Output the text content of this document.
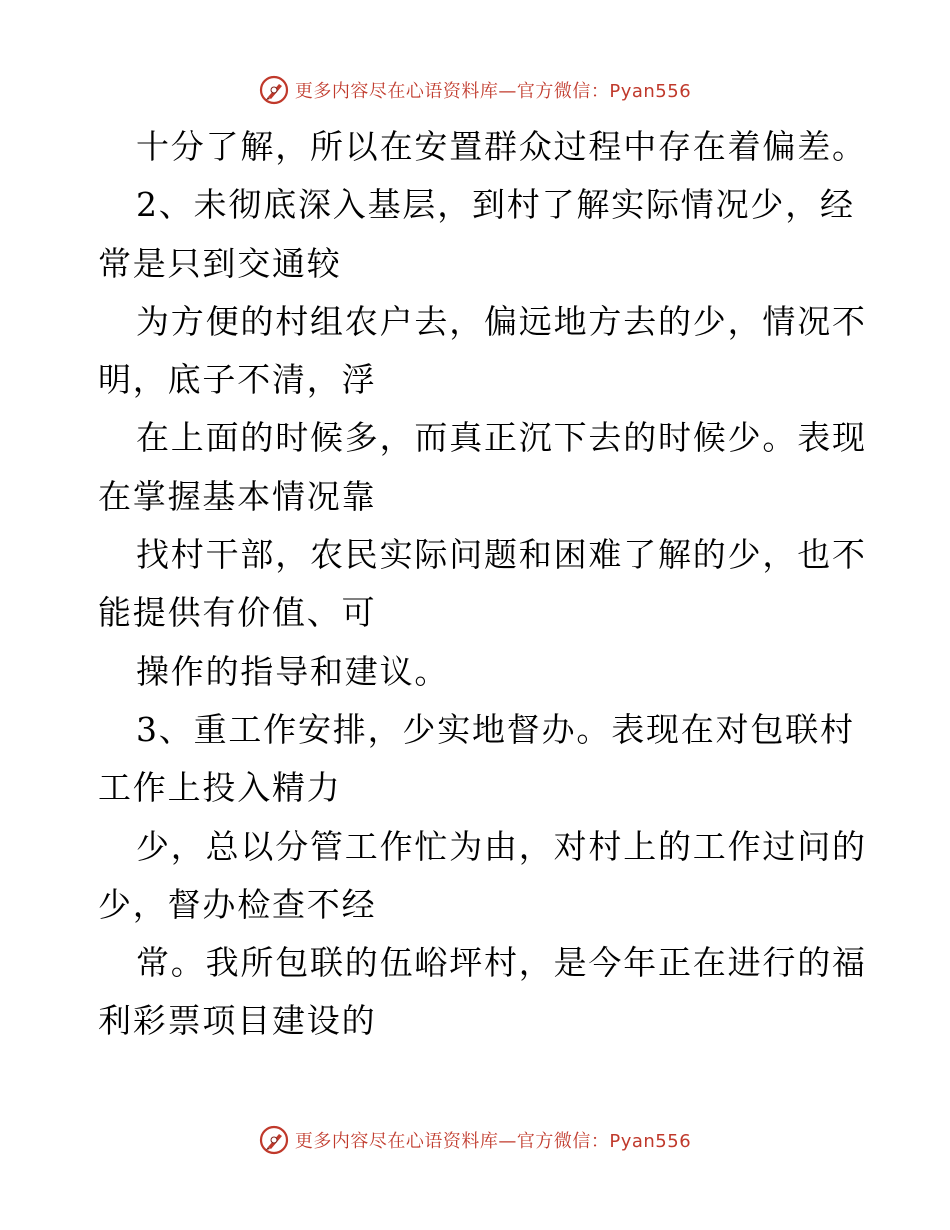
更多内容尽在心语资料库—官方微信：Pyan556
十分了解，所以在安置群众过程中存在着偏差。
2、未彻底深入基层，到村了解实际情况少，经
常是只到交通较
为方便的村组农户去，偏远地方去的少，情况不
明，底子不清，浮
在上面的时候多，而真正沉下去的时候少。表现
在掌握基本情况靠
找村干部，农民实际问题和困难了解的少，也不
能提供有价值、可
操作的指导和建议。
3、重工作安排，少实地督办。表现在对包联村
工作上投入精力
少，总以分管工作忙为由，对村上的工作过问的
少，督办检查不经
常。我所包联的伍峪坪村，是今年正在进行的福
利彩票项目建设的
更多内容尽在心语资料库—官方微信：Pyan556
